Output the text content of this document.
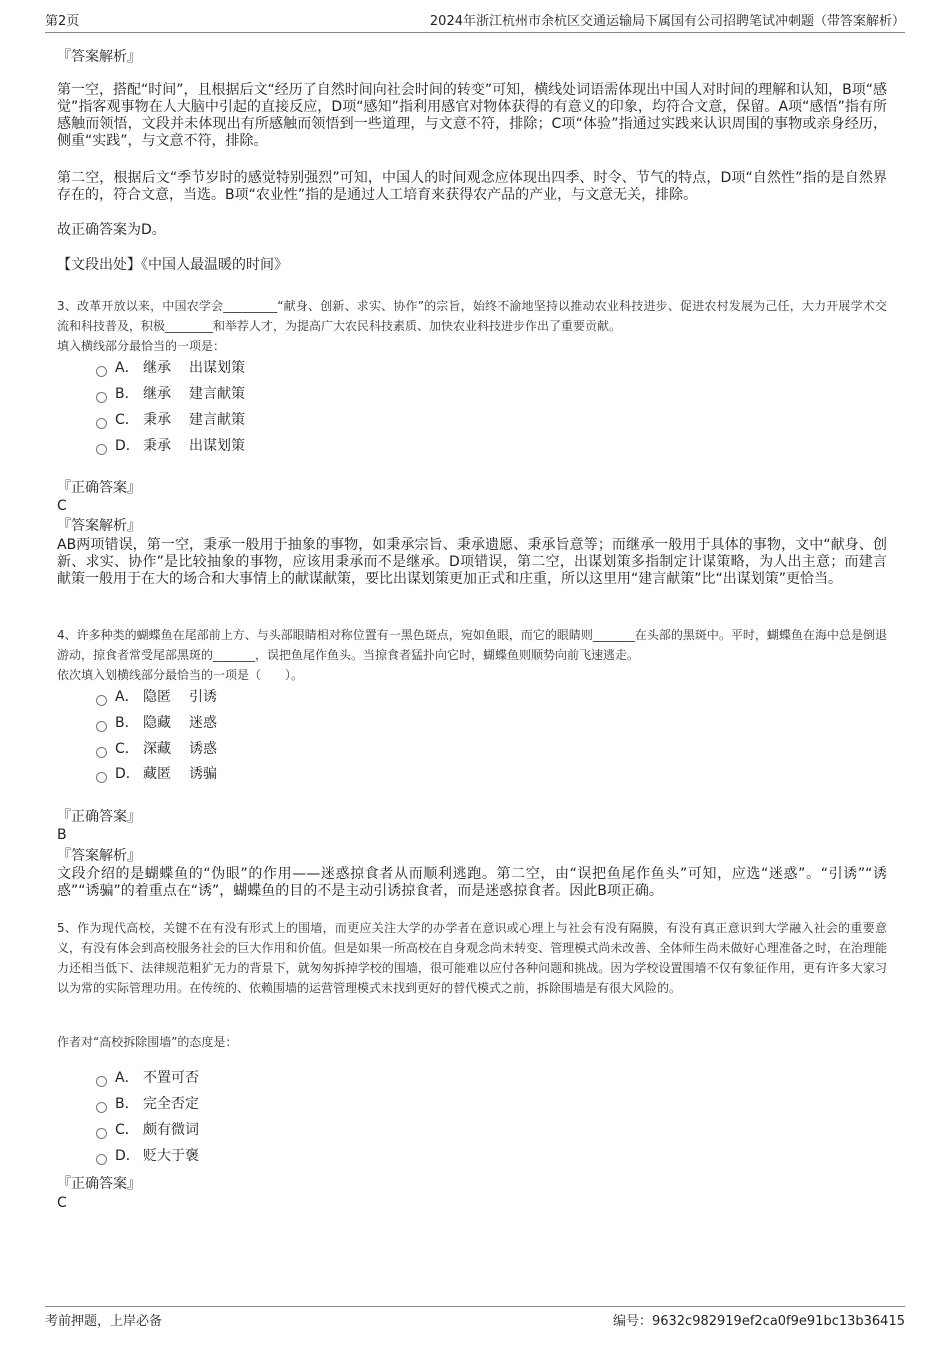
第2页	2024年浙江杭州市余杭区交通运输局下属国有公司招聘笔试冲刺题（带答案解析）
『答案解析』

第一空，搭配“时间”，且根据后文“经历了自然时间向社会时间的转变”可知，横线处词语需体现出中国人对时间的理解和认知，B项“感觉”指客观事物在人大脑中引起的直接反应，D项“感知”指利用感官对物体获得的有意义的印象，均符合文意，保留。A项“感悟”指有所感触而领悟，文段并未体现出有所感触而领悟到一些道理，与文意不符，排除；C项“体验”指通过实践来认识周围的事物或亲身经历，侧重“实践”，与文意不符，排除。

第二空，根据后文“季节岁时的感觉特别强烈”可知，中国人的时间观念应体现出四季、时令、节气的特点，D项“自然性”指的是自然界存在的，符合文意，当选。B项“农业性”指的是通过人工培育来获得农产品的产业，与文意无关，排除。

故正确答案为D。

【文段出处】《中国人最温暖的时间》

3、改革开放以来，中国农学会_________“献身、创新、求实、协作”的宗旨，始终不渝地坚持以推动农业科技进步、促进农村发展为己任，大力开展学术交流和科技普及，积极________和举荐人才，为提高广大农民科技素质、加快农业科技进步作出了重要贡献。

填入横线部分最恰当的一项是：

A． 继承 出谋划策
B． 继承 建言献策
C． 秉承 建言献策
D． 秉承 出谋划策
『正确答案』
C
『答案解析』

AB两项错误，第一空，秉承一般用于抽象的事物，如秉承宗旨、秉承遗愿、秉承旨意等；而继承一般用于具体的事物，文中“献身、创新、求实、协作”是比较抽象的事物，应该用秉承而不是继承。D项错误，第二空，出谋划策多指制定计谋策略，为人出主意；而建言献策一般用于在大的场合和大事情上的献谋献策，要比出谋划策更加正式和庄重，所以这里用“建言献策”比“出谋划策”更恰当。

4、许多种类的蝴蝶鱼在尾部前上方、与头部眼睛相对称位置有一黑色斑点，宛如鱼眼，而它的眼睛则_______在头部的黑斑中。平时，蝴蝶鱼在海中总是倒退游动，掠食者常受尾部黑斑的_______，误把鱼尾作鱼头。当掠食者猛扑向它时，蝴蝶鱼则顺势向前飞速逃走。

依次填入划横线部分最恰当的一项是（　　）。

A． 隐匿 引诱
B． 隐藏 迷惑
C． 深藏 诱惑
D． 藏匿 诱骗
『正确答案』
B
『答案解析』

文段介绍的是蝴蝶鱼的“伪眼”的作用——迷惑掠食者从而顺利逃跑。第二空，由“误把鱼尾作鱼头”可知，应选“迷惑”。“引诱”“诱惑”“诱骗”的着重点在“诱”，蝴蝶鱼的目的不是主动引诱掠食者，而是迷惑掠食者。因此B项正确。

5、作为现代高校，关键不在有没有形式上的围墙，而更应关注大学的办学者在意识或心理上与社会有没有隔膜，有没有真正意识到大学融入社会的重要意义，有没有体会到高校服务社会的巨大作用和价值。但是如果一所高校在自身观念尚未转变、管理模式尚未改善、全体师生尚未做好心理准备之时，在治理能力还相当低下、法律规范粗犷无力的背景下，就匆匆拆掉学校的围墙，很可能难以应付各种问题和挑战。因为学校设置围墙不仅有象征作用，更有许多大家习以为常的实际管理功用。在传统的、依赖围墙的运营管理模式未找到更好的替代模式之前，拆除围墙是有很大风险的。

作者对“高校拆除围墙”的态度是：

A． 不置可否
B． 完全否定
C． 颇有微词
D． 贬大于褒
『正确答案』
C
考前押题，上岸必备	编号：9632c982919ef2ca0f9e91bc13b36415
